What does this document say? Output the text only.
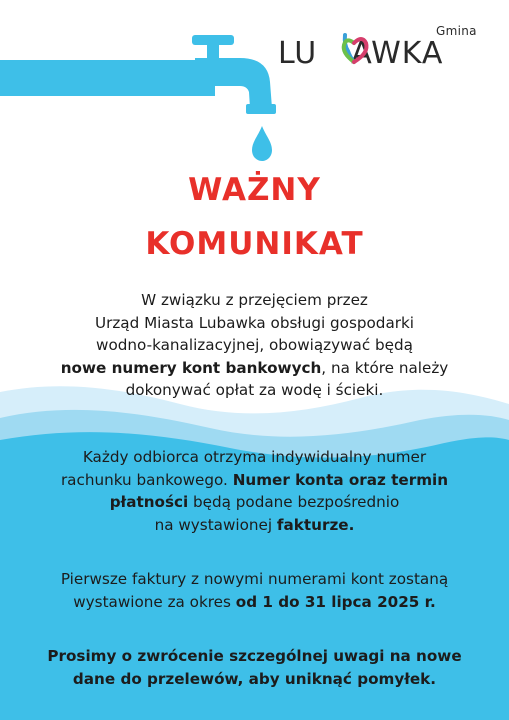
Gmina
LU AWKA
WAŻNY
KOMUNIKAT

W związku z przejęciem przez
Urząd Miasta Lubawka obsługi gospodarki
wodno-kanalizacyjnej, obowiązywać będą
nowe numery kont bankowych, na które należy
dokonywać opłat za wodę i ścieki.

Każdy odbiorca otrzyma indywidualny numer
rachunku bankowego. Numer konta oraz termin
płatności będą podane bezpośrednio
na wystawionej fakturze.

Pierwsze faktury z nowymi numerami kont zostaną
wystawione za okres od 1 do 31 lipca 2025 r.

Prosimy o zwrócenie szczególnej uwagi na nowe
dane do przelewów, aby uniknąć pomyłek.
